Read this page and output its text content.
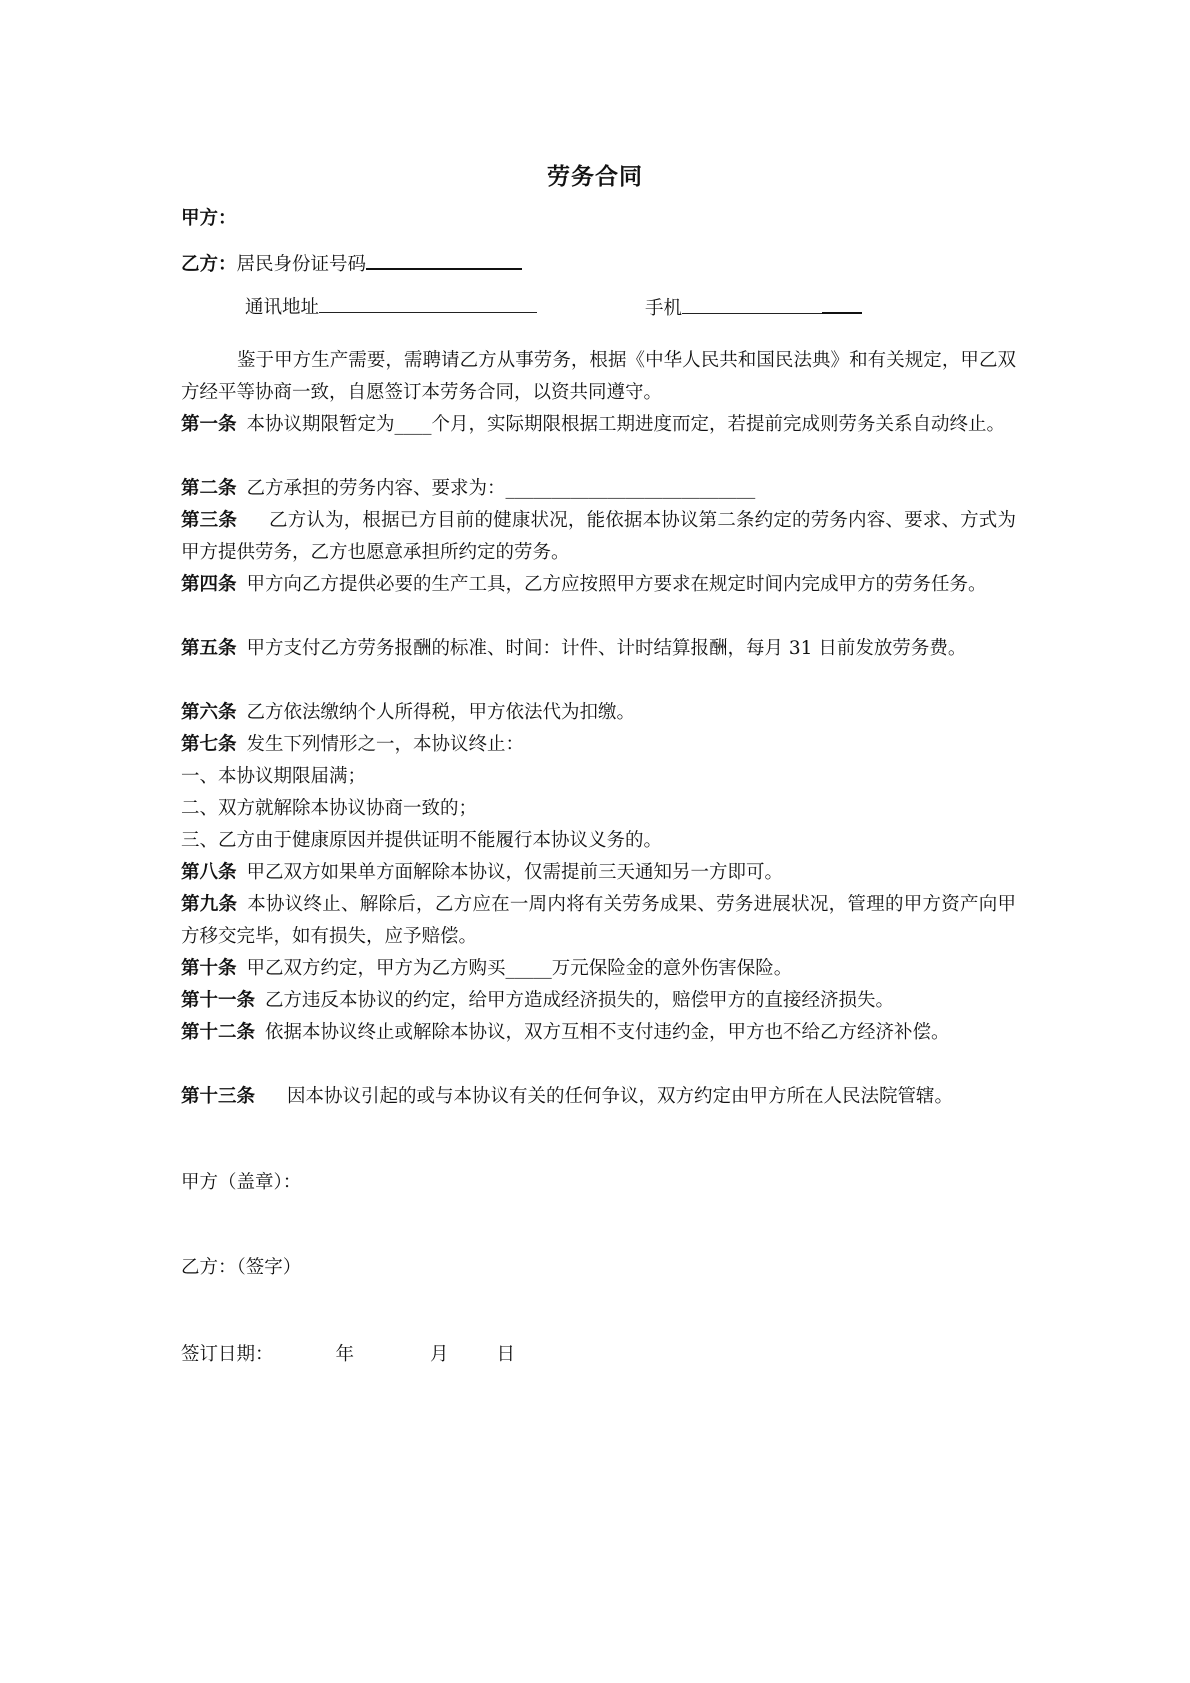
劳务合同
甲方：
乙方：居民身份证号码
通讯地址	手机
鉴于甲方生产需要，需聘请乙方从事劳务，根据《中华人民共和国民法典》和有关规定，甲乙双方经平等协商一致，自愿签订本劳务合同，以资共同遵守。
第一条 本协议期限暂定为____个月，实际期限根据工期进度而定，若提前完成则劳务关系自动终止。
第二条 乙方承担的劳务内容、要求为：___________________________
第三条 乙方认为，根据已方目前的健康状况，能依据本协议第二条约定的劳务内容、要求、方式为甲方提供劳务，乙方也愿意承担所约定的劳务。
第四条 甲方向乙方提供必要的生产工具，乙方应按照甲方要求在规定时间内完成甲方的劳务任务。
第五条 甲方支付乙方劳务报酬的标准、时间：计件、计时结算报酬，每月 31 日前发放劳务费。
第六条 乙方依法缴纳个人所得税，甲方依法代为扣缴。
第七条 发生下列情形之一，本协议终止：
一、本协议期限届满；
二、双方就解除本协议协商一致的；
三、乙方由于健康原因并提供证明不能履行本协议义务的。
第八条 甲乙双方如果单方面解除本协议，仅需提前三天通知另一方即可。
第九条 本协议终止、解除后，乙方应在一周内将有关劳务成果、劳务进展状况，管理的甲方资产向甲方移交完毕，如有损失，应予赔偿。
第十条 甲乙双方约定，甲方为乙方购买_____万元保险金的意外伤害保险。
第十一条 乙方违反本协议的约定，给甲方造成经济损失的，赔偿甲方的直接经济损失。
第十二条 依据本协议终止或解除本协议，双方互相不支付违约金，甲方也不给乙方经济补偿。
第十三条 因本协议引起的或与本协议有关的任何争议，双方约定由甲方所在人民法院管辖。
甲方（盖章）：
乙方：（签字）
签订日期：	年	月	日
